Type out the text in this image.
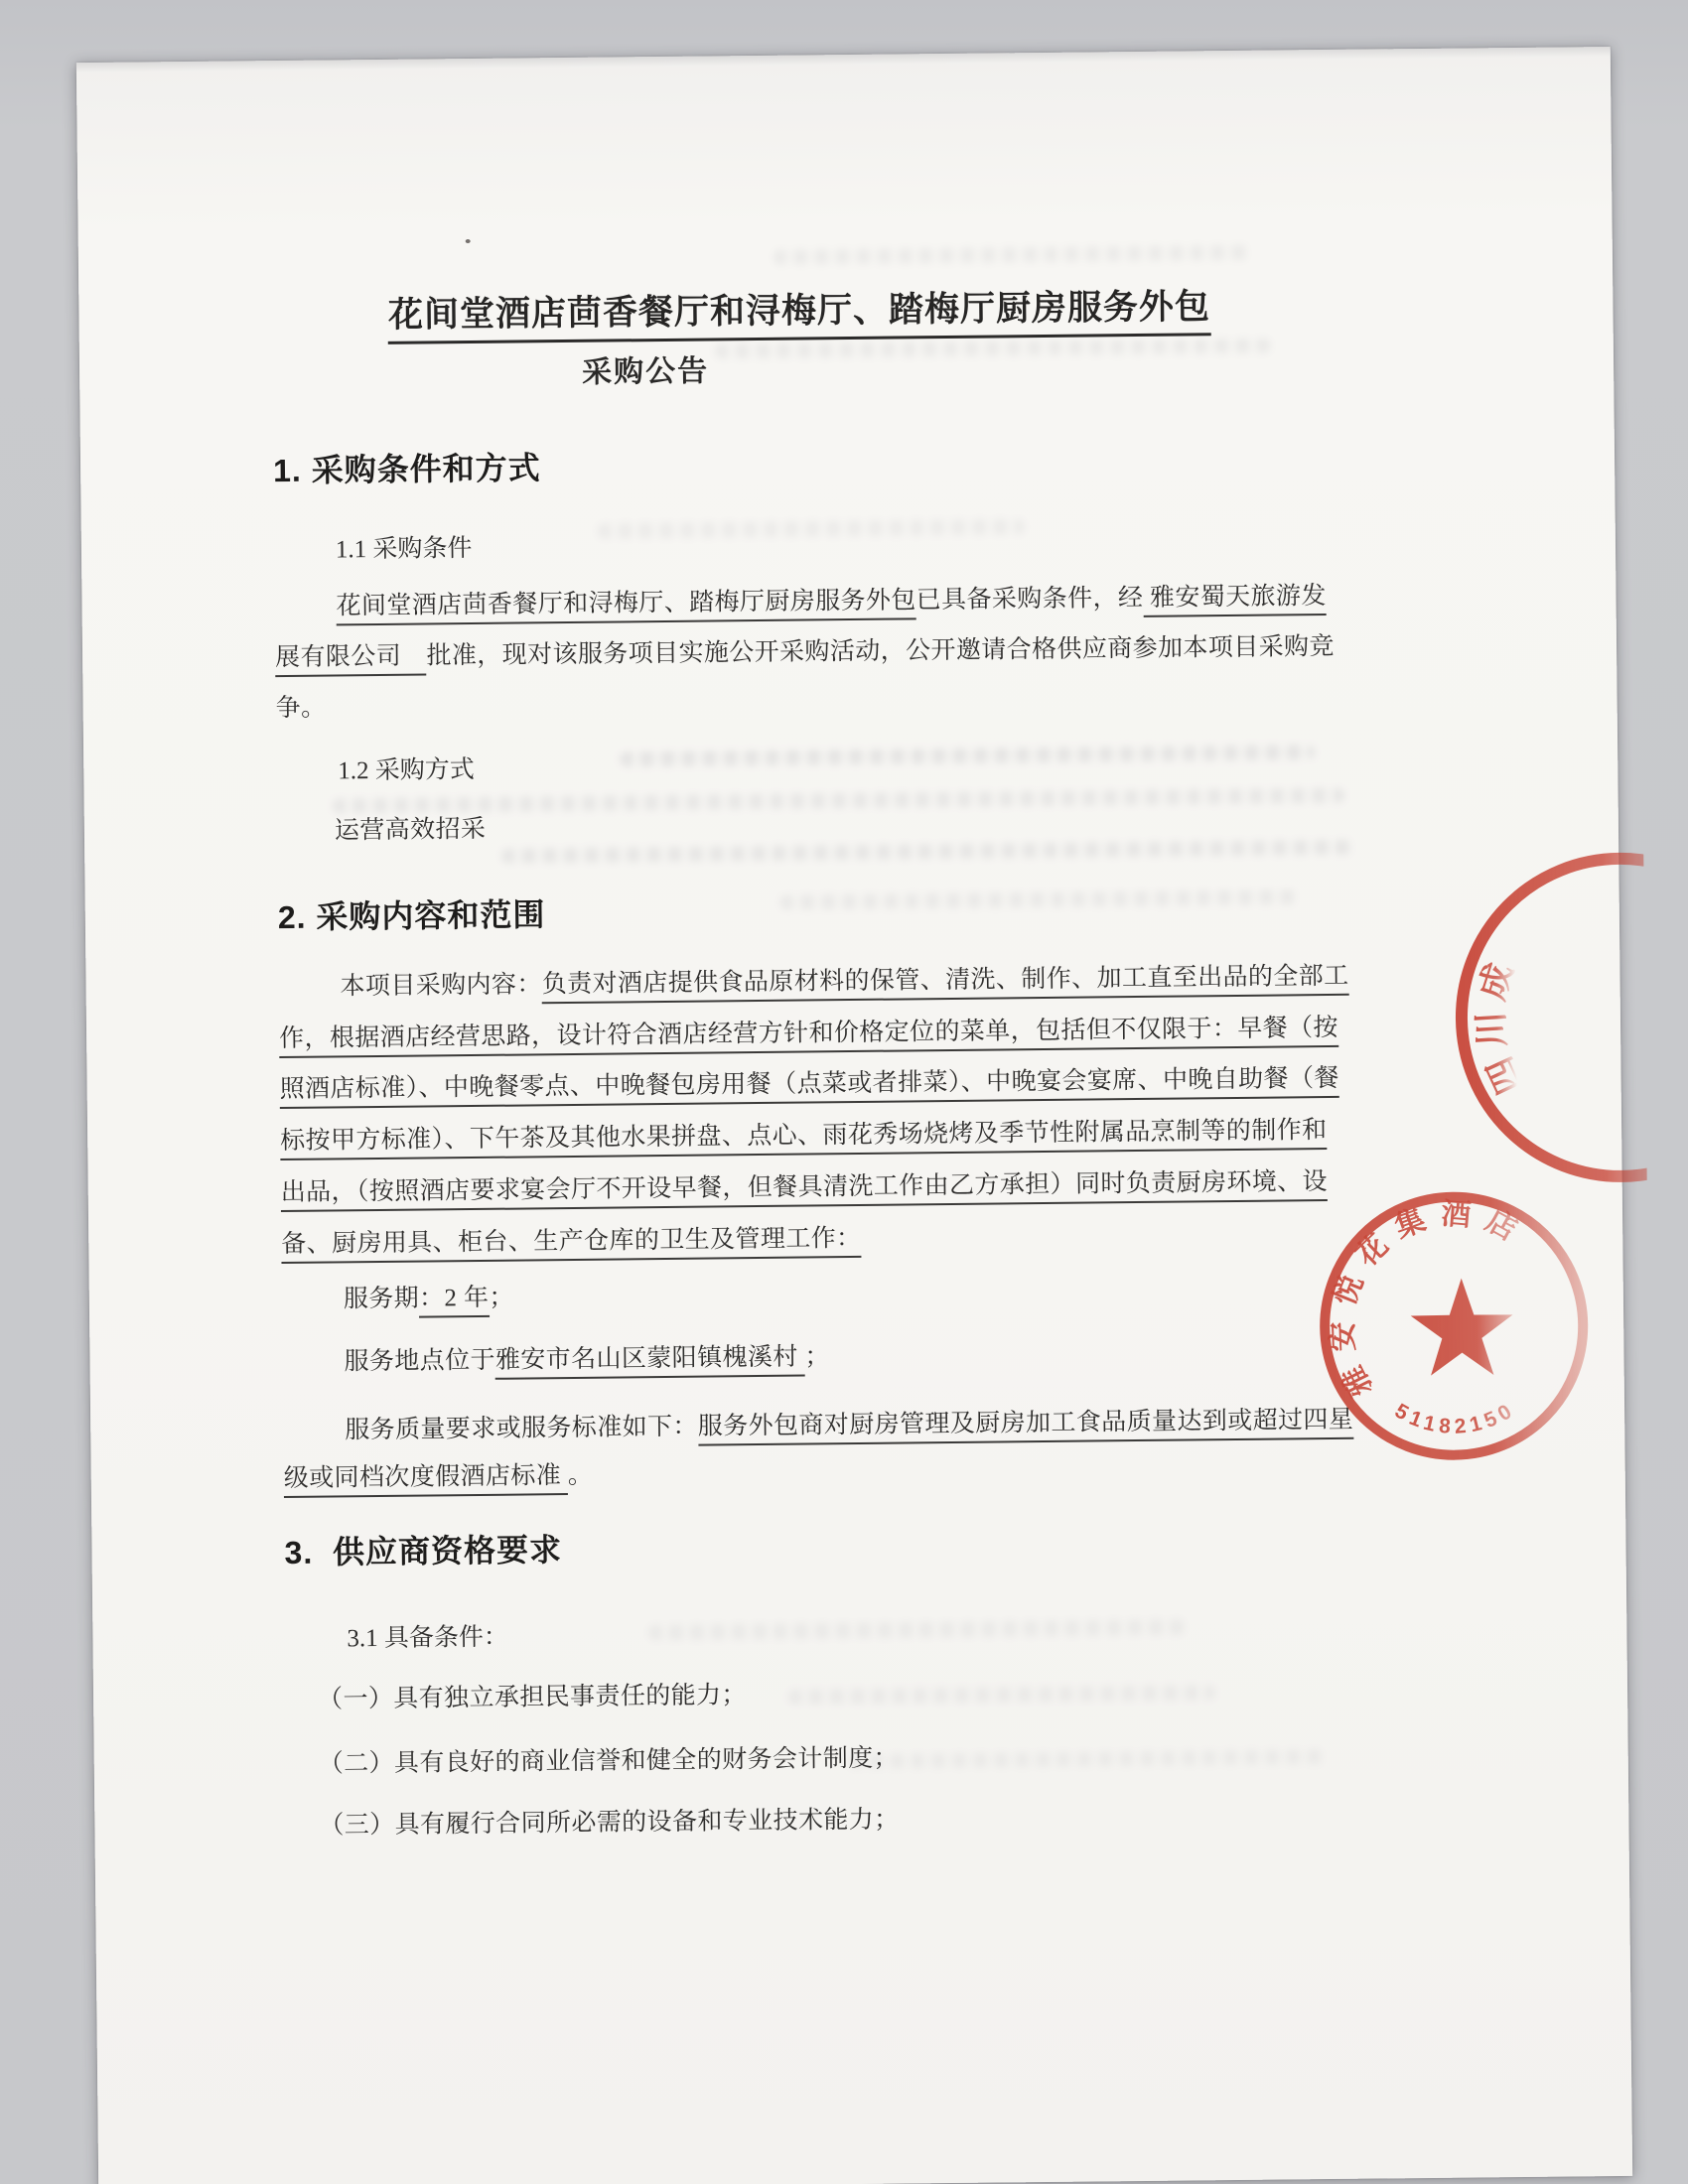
花间堂酒店茴香餐厅和浔梅厅、踏梅厅厨房服务外包
采购公告
1. 采购条件和方式
1.1 采购条件
花间堂酒店茴香餐厅和浔梅厅、踏梅厅厨房服务外包已具备采购条件，经 雅安蜀天旅游发
展有限公司　批准，现对该服务项目实施公开采购活动，公开邀请合格供应商参加本项目采购竞
争。
1.2 采购方式
运营高效招采
2. 采购内容和范围
本项目采购内容：负责对酒店提供食品原材料的保管、清洗、制作、加工直至出品的全部工
作，根据酒店经营思路，设计符合酒店经营方针和价格定位的菜单，包括但不仅限于：早餐（按
照酒店标准）、中晚餐零点、中晚餐包房用餐（点菜或者排菜）、中晚宴会宴席、中晚自助餐（餐
标按甲方标准）、下午茶及其他水果拼盘、点心、雨花秀场烧烤及季节性附属品烹制等的制作和
出品，（按照酒店要求宴会厅不开设早餐，但餐具清洗工作由乙方承担）同时负责厨房环境、设
备、厨房用具、柜台、生产仓库的卫生及管理工作：
服务期：2 年；
服务地点位于雅安市名山区蒙阳镇槐溪村 ；
服务质量要求或服务标准如下：服务外包商对厨房管理及厨房加工食品质量达到或超过四星
级或同档次度假酒店标准 。
3.  供应商资格要求
3.1 具备条件：
（一）具有独立承担民事责任的能力；
（二）具有良好的商业信誉和健全的财务会计制度；
（三）具有履行合同所必需的设备和专业技术能力；
四川成
雅安悦花集酒店
51182150
